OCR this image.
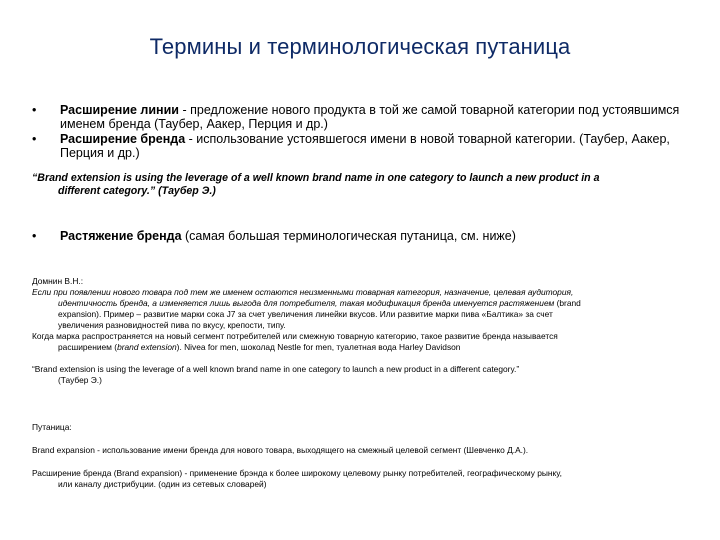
Термины и терминологическая путаница
•	Расширение линии - предложение нового продукта в той же самой товарной категории под устоявшимся именем бренда (Таубер, Аакер, Перция и др.)
•	Расширение бренда - использование устоявшегося имени в новой товарной категории. (Таубер, Аакер, Перция и др.)
“Brand extension is using the leverage of a well known brand name in one category to launch a new product in a
different category.” (Таубер Э.)
•	Растяжение бренда (самая большая терминологическая путаница, см. ниже)
Домнин В.Н.:
Если при появлении нового товара под тем же именем остаются неизменными товарная категория, назначение, целевая аудитория,
идентичность бренда, а изменяется лишь выгода для потребителя, такая модификация бренда именуется растяжением (brand
expansion). Пример – развитие марки сока J7 за счет увеличения линейки вкусов. Или развитие марки пива «Балтика» за счет
увеличения разновидностей пива по вкусу, крепости, типу.
Когда марка распространяется на новый сегмент потребителей или смежную товарную категорию, такое развитие бренда называется
расширением (brand extension). Nivea for men, шоколад Nestle for men, туалетная вода Harley Davidson
“Brand extension is using the leverage of a well known brand name in one category to launch a new product in a different category.”
(Таубер Э.)
Путаница:
Brand expansion - использование имени бренда для нового товара, выходящего на смежный целевой сегмент (Шевченко Д.А.).
Расширение бренда (Brand expansion) - применение брэнда к более широкому целевому рынку потребителей, географическому рынку,
или каналу дистрибуции. (один из сетевых словарей)
